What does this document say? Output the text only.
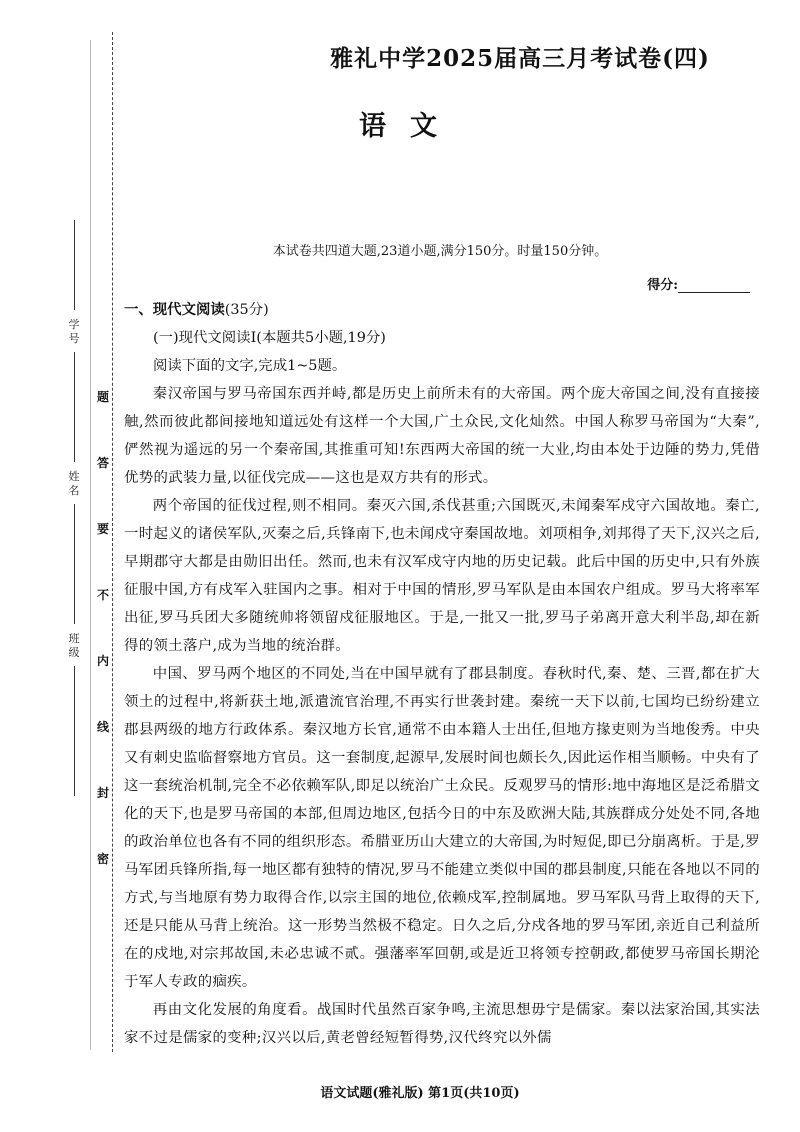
学号
姓名
班级
题
答
要
不
内
线
封
密
雅礼中学2025届高三月考试卷(四)
语文
本试卷共四道大题,23道小题,满分150分。时量150分钟。
得分:

一、现代文阅读(35分)

(一)现代文阅读Ⅰ(本题共5小题,19分)

阅读下面的文字,完成1~5题。

秦汉帝国与罗马帝国东西并峙,都是历史上前所未有的大帝国。两个庞大帝国之间,没有直接接触,然而彼此都间接地知道远处有这样一个大国,广土众民,文化灿然。中国人称罗马帝国为“大秦”,俨然视为遥远的另一个秦帝国,其推重可知!东西两大帝国的统一大业,均由本处于边陲的势力,凭借优势的武装力量,以征伐完成——这也是双方共有的形式。

两个帝国的征伐过程,则不相同。秦灭六国,杀伐甚重;六国既灭,未闻秦军戍守六国故地。秦亡,一时起义的诸侯军队,灭秦之后,兵锋南下,也未闻戍守秦国故地。刘项相争,刘邦得了天下,汉兴之后,早期郡守大都是由勋旧出任。然而,也未有汉军戍守内地的历史记载。此后中国的历史中,只有外族征服中国,方有戍军入驻国内之事。相对于中国的情形,罗马军队是由本国农户组成。罗马大将率军出征,罗马兵团大多随统帅将领留戍征服地区。于是,一批又一批,罗马子弟离开意大利半岛,却在新得的领土落户,成为当地的统治群。

中国、罗马两个地区的不同处,当在中国早就有了郡县制度。春秋时代,秦、楚、三晋,都在扩大领土的过程中,将新获土地,派遣流官治理,不再实行世袭封建。秦统一天下以前,七国均已纷纷建立郡县两级的地方行政体系。秦汉地方长官,通常不由本籍人士出任,但地方掾吏则为当地俊秀。中央又有刺史监临督察地方官员。这一套制度,起源早,发展时间也颇长久,因此运作相当顺畅。中央有了这一套统治机制,完全不必依赖军队,即足以统治广土众民。反观罗马的情形:地中海地区是泛希腊文化的天下,也是罗马帝国的本部,但周边地区,包括今日的中东及欧洲大陆,其族群成分处处不同,各地的政治单位也各有不同的组织形态。希腊亚历山大建立的大帝国,为时短促,即已分崩离析。于是,罗马军团兵锋所指,每一地区都有独特的情况,罗马不能建立类似中国的郡县制度,只能在各地以不同的方式,与当地原有势力取得合作,以宗主国的地位,依赖戍军,控制属地。罗马军队马背上取得的天下,还是只能从马背上统治。这一形势当然极不稳定。日久之后,分戍各地的罗马军团,亲近自己利益所在的戍地,对宗邦故国,未必忠诚不贰。强藩率军回朝,或是近卫将领专控朝政,都使罗马帝国长期沦于军人专政的痼疾。

再由文化发展的角度看。战国时代虽然百家争鸣,主流思想毋宁是儒家。秦以法家治国,其实法家不过是儒家的变种;汉兴以后,黄老曾经短暂得势,汉代终究以外儒

语文试题(雅礼版) 第1页(共10页)
